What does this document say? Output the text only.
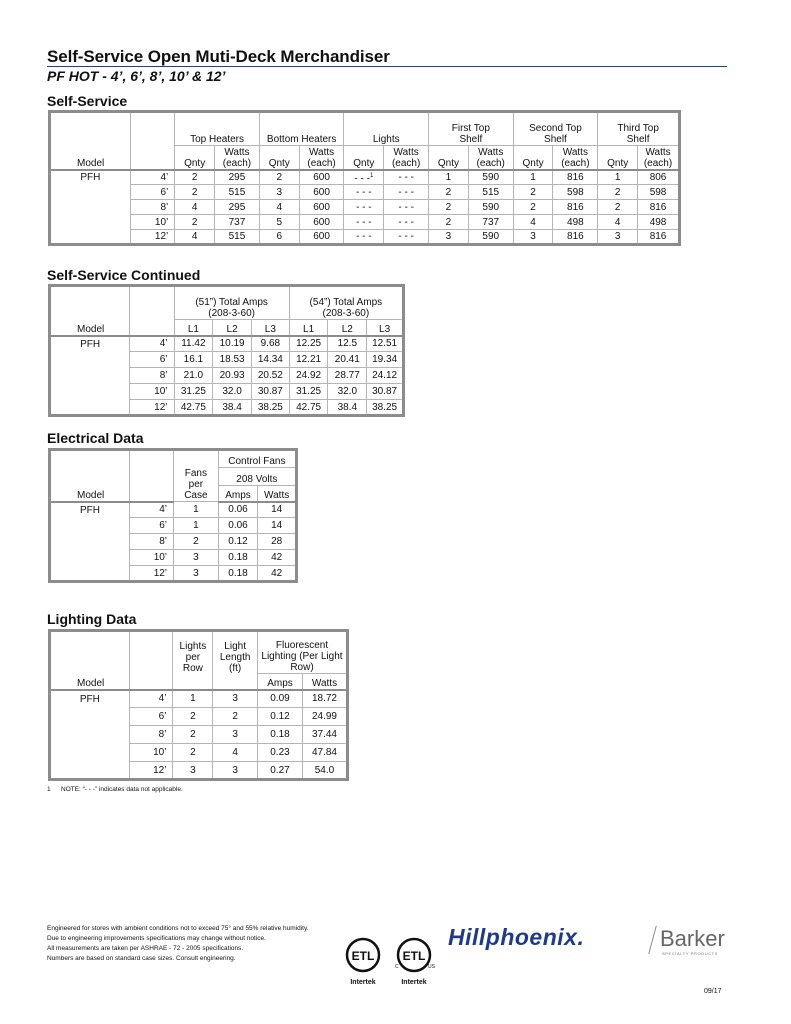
Self-Service Open Muti-Deck Merchandiser
PF HOT - 4’, 6’, 8’, 10’ & 12’
Self-Service
		Top Heaters		Bottom Heaters		Lights		First Top Shelf		Second Top Shelf		Third Top Shelf	
Model		Qnty	Watts (each)	Qnty	Watts (each)	Qnty	Watts (each)	Qnty	Watts (each)	Qnty	Watts (each)	Qnty	Watts (each)
PFH	4’	2	295	2	600	- - -$^1$	- - -	1	590	1	816	1	806
	6’	2	515	3	600	- - -	- - -	2	515	2	598	2	598
	8’	4	295	4	600	- - -	- - -	2	590	2	816	2	816
	10’	2	737	5	600	- - -	- - -	2	737	4	498	4	498
	12’	4	515	6	600	- - -	- - -	3	590	3	816	3	816
Self-Service Continued
		(51”) Total Amps (208-3-60)			(54”) Total Amps (208-3-60)		
Model		L1	L2	L3	L1	L2	L3
PFH	4’	11.42	10.19	9.68	12.25	12.5	12.51
	6’	16.1	18.53	14.34	12.21	20.41	19.34
	8’	21.0	20.93	20.52	24.92	28.77	24.12
	10’	31.25	32.0	30.87	31.25	32.0	30.87
	12’	42.75	38.4	38.25	42.75	38.4	38.25
Electrical Data
			Control Fans	
		Fans per Case	208 Volts	
Model			Amps	Watts
PFH	4’	1	0.06	14
	6’	1	0.06	14
	8’	2	0.12	28
	10’	3	0.18	42
	12’	3	0.18	42
Lighting Data
		Lights per Row	Light Length (ft)	Fluorescent Lighting (Per Light Row)	
Model				Amps	Watts
PFH	4’	1	3	0.09	18.72
	6’	2	2	0.12	24.99
	8’	2	3	0.18	37.44
	10’	2	4	0.23	47.84
	12’	3	3	0.27	54.0
1 NOTE: “- - -” indicates data not applicable.
Engineered for stores with ambient conditions not to exceed 75° and 55% relative humidity.
Due to engineering improvements specifications may change without notice.
All measurements are taken per ASHRAE - 72 - 2005 specifications.
Numbers are based on standard case sizes. Consult engineering.	ETL
Intertek
ETL
C	US
Intertek
Hillphoenix.	Barker
SPECIALTY PRODUCTS
09/17
